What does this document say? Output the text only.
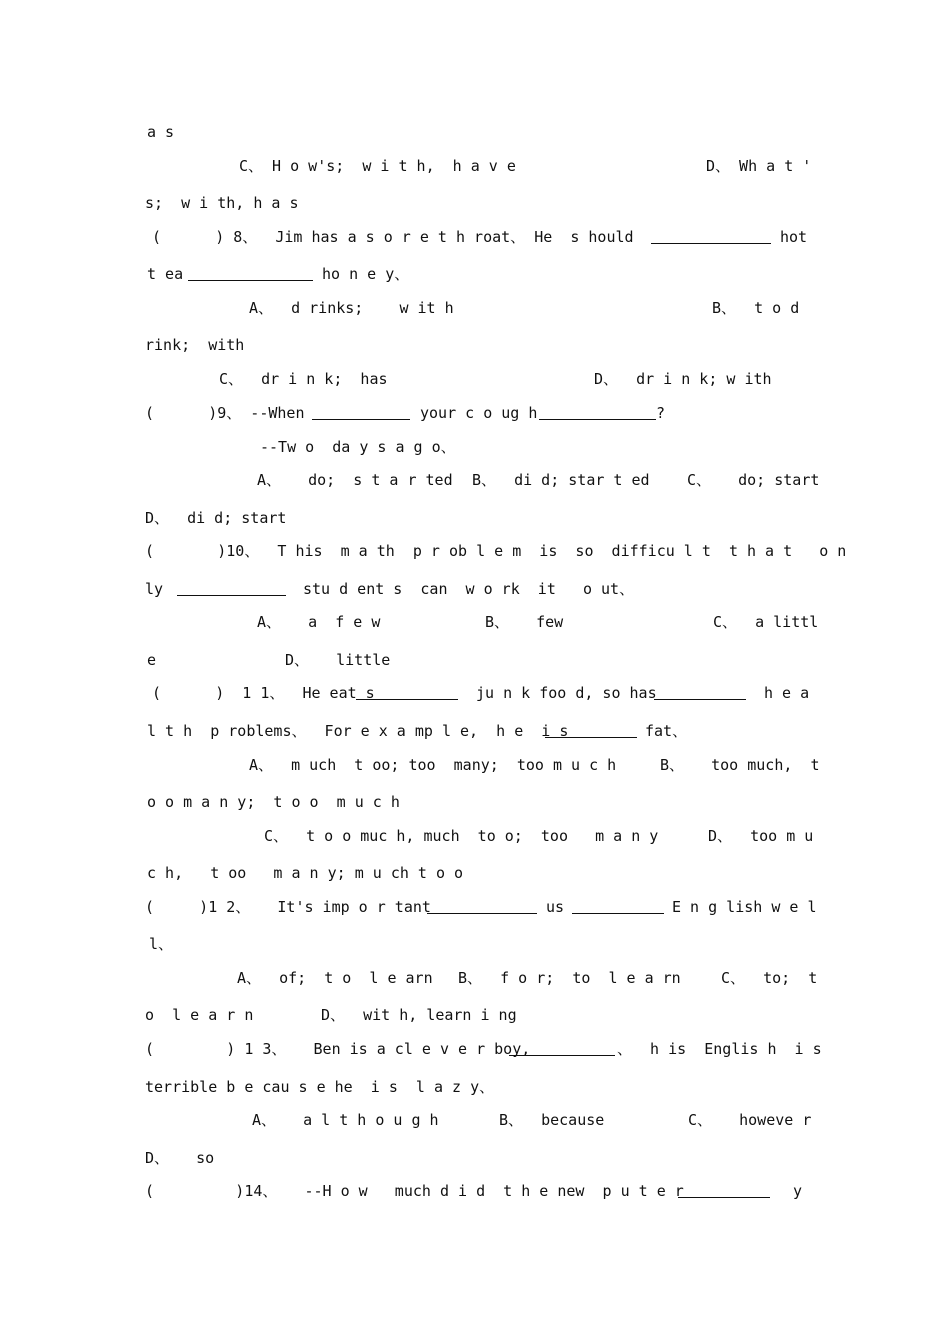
a s
C、 H o w's;  w i t h,  h a v e	D、 Wh a t '
s;  w i th, h a s
(      ) 8、  Jim has a s o r e t h roat、 He  s hould	hot
t ea	ho n e y、
A、  d rinks;    w it h	B、  t o d
rink;  with
C、  dr i n k;  has	D、  dr i n k; w ith
(      )9、 --When	your c o ug h	?
--Tw o  da y s a g o、
A、   do;  s t a r ted B、  di d; star t ed C、   do; start
D、  di d; start
(       )10、  T his  m a th  p r ob l e m  is  so  difficu l t  t h a t   o n
ly	stu d ent s  can  w o rk  it   o ut、
A、   a  f e w	B、   few	C、  a littl
e	D、   little
(      )  1 1、  He eat s	ju n k foo d, so has	h e a
l t h  p roblems、  For e x a mp l e,  h e  i s	fat、
A、  m uch  t oo; too  many;  too m u c h	B、   too much,  t
o o m a n y;  t o o  m u c h
C、  t o o muc h, much  to o;  too   m a n y	D、  too m u
c h,   t oo   m a n y; m u ch t o o
(     )1 2、   It's imp o r tant	us	E n g lish w e l
l、
A、  of;  t o  l e arn B、  f o r;  to  l e a rn	C、  to;  t
o  l e a r n	D、  wit h, learn i ng
(        ) 1 3、   Ben is a cl e v e r boy,	、  h is  Englis h  i s
terrible b e cau s e he  i s  l a z y、
A、   a l t h o u g h	B、  because	C、   howeve r
D、   so
(         )14、   --H o w   much d i d  t h e new  p u t e r	y
